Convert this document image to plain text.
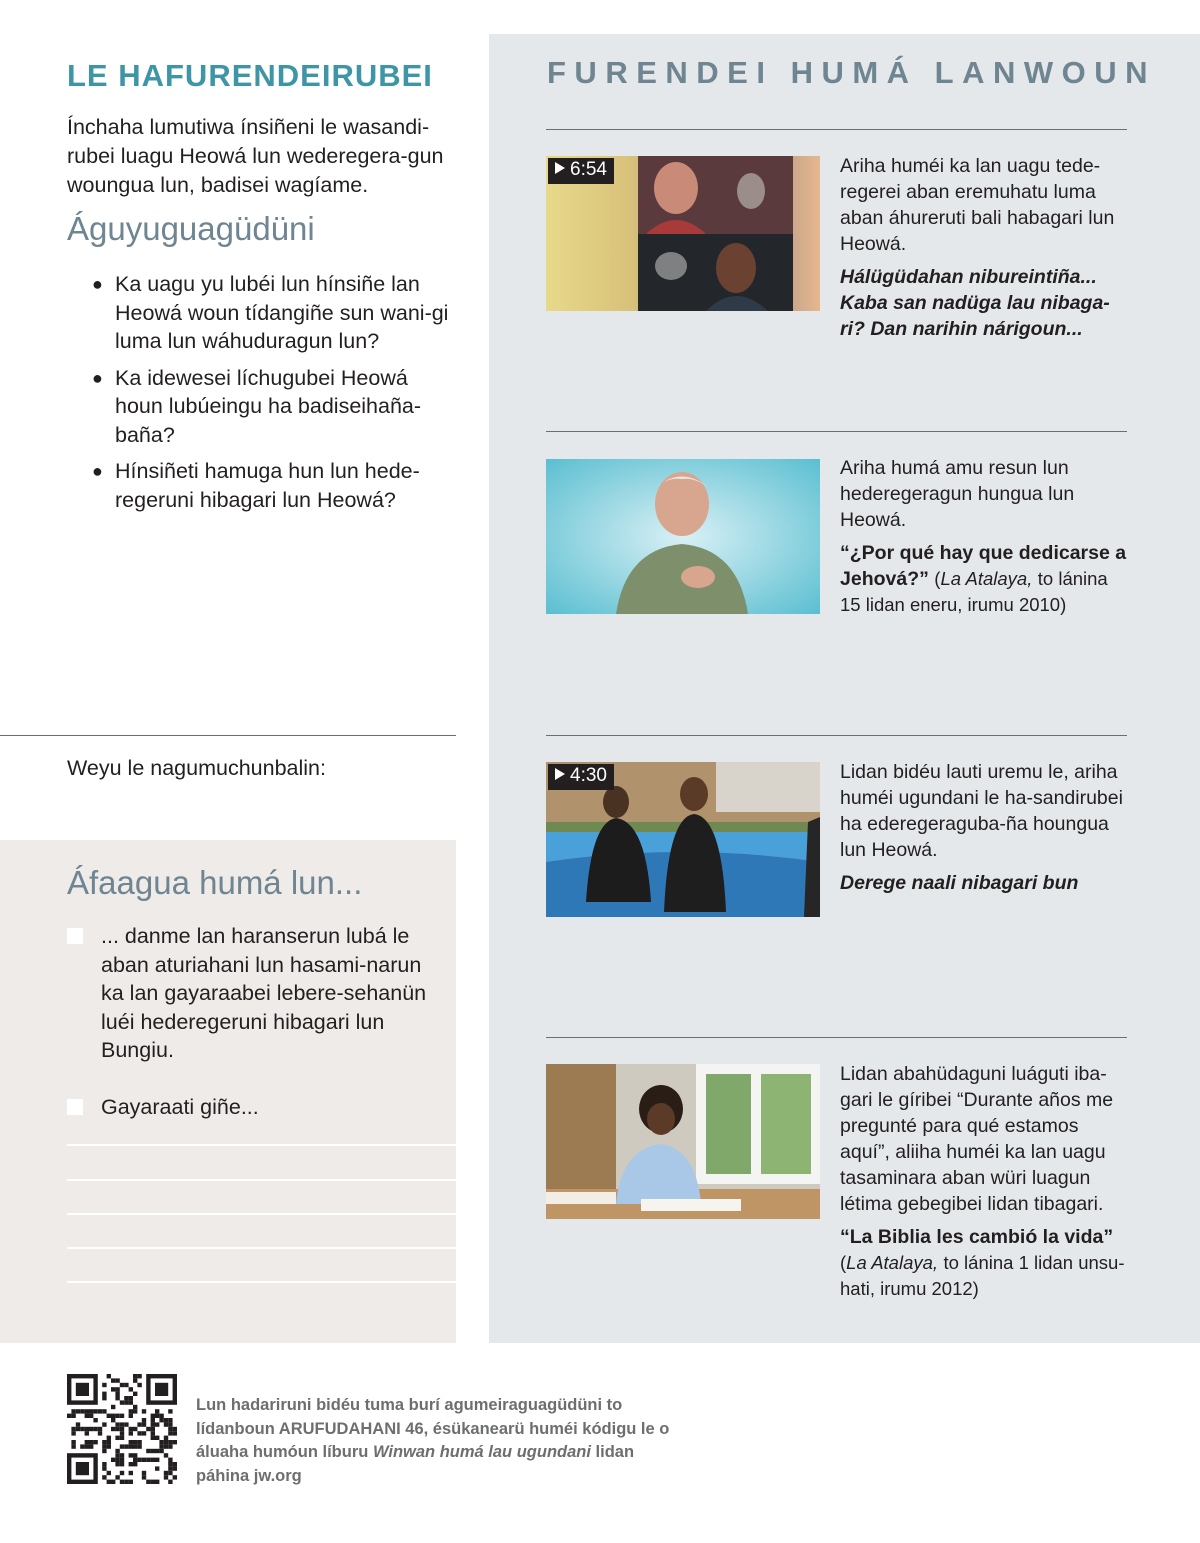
LE HAFURENDEIRUBEI

Ínchaha lumutiwa ínsiñeni le wasandi-rubei luagu Heowá lun wederegera-gun woungua lun, badisei wagíame.

Águyuguagüdüni
● Ka uagu yu lubéi lun hínsiñe lan Heowá woun tídangiñe sun wani-gi luma lun wáhuduragun lun?
● Ka idewesei líchugubei Heowá houn lubúeingu ha badiseihaña-baña?
● Hínsiñeti hamuga hun lun hede-regeruni hibagari lun Heowá?
Weyu le nagumuchunbalin:
Áfaagua humá lun...
... danme lan haranserun lubá le aban aturiahani lun hasami-narun ka lan gayaraabei lebere-sehanün luéi hederegeruni hibagari lun Bungiu.
Gayaraati giñe...
FURENDEI HUMÁ LANWOUN
6:54	Ariha huméi ka lan uagu tede-regerei aban eremuhatu luma aban áhureruti bali habagari lun Heowá.

Hálügüdahan nibureintiña... Kaba san nadüga lau nibaga-ri? Dan narihin nárigoun...

Ariha humá amu resun lun hederegeragun hungua lun Heowá.

“¿Por qué hay que dedicarse a Jehová?” (La Atalaya, to lánina 15 lidan eneru, irumu 2010)

4:30	Lidan bidéu lauti uremu le, ariha huméi ugundani le ha-sandirubei ha ederegeraguba-ña houngua lun Heowá.

Derege naali nibagari bun

Lidan abahüdaguni luáguti iba-gari le gíribei “Durante años me pregunté para qué estamos aquí”, aliiha huméi ka lan uagu tasaminara aban würi luagun létima gebegibei lidan tibagari.

“La Biblia les cambió la vida” (La Atalaya, to lánina 1 lidan unsu-hati, irumu 2012)

Lun hadariruni bidéu tuma burí agumeiraguagüdüni to lídanboun ARUFUDAHANI 46, ésükanearü huméi kódigu le o áluaha humóun líburu Winwan humá lau ugundani lidan páhina jw.org
